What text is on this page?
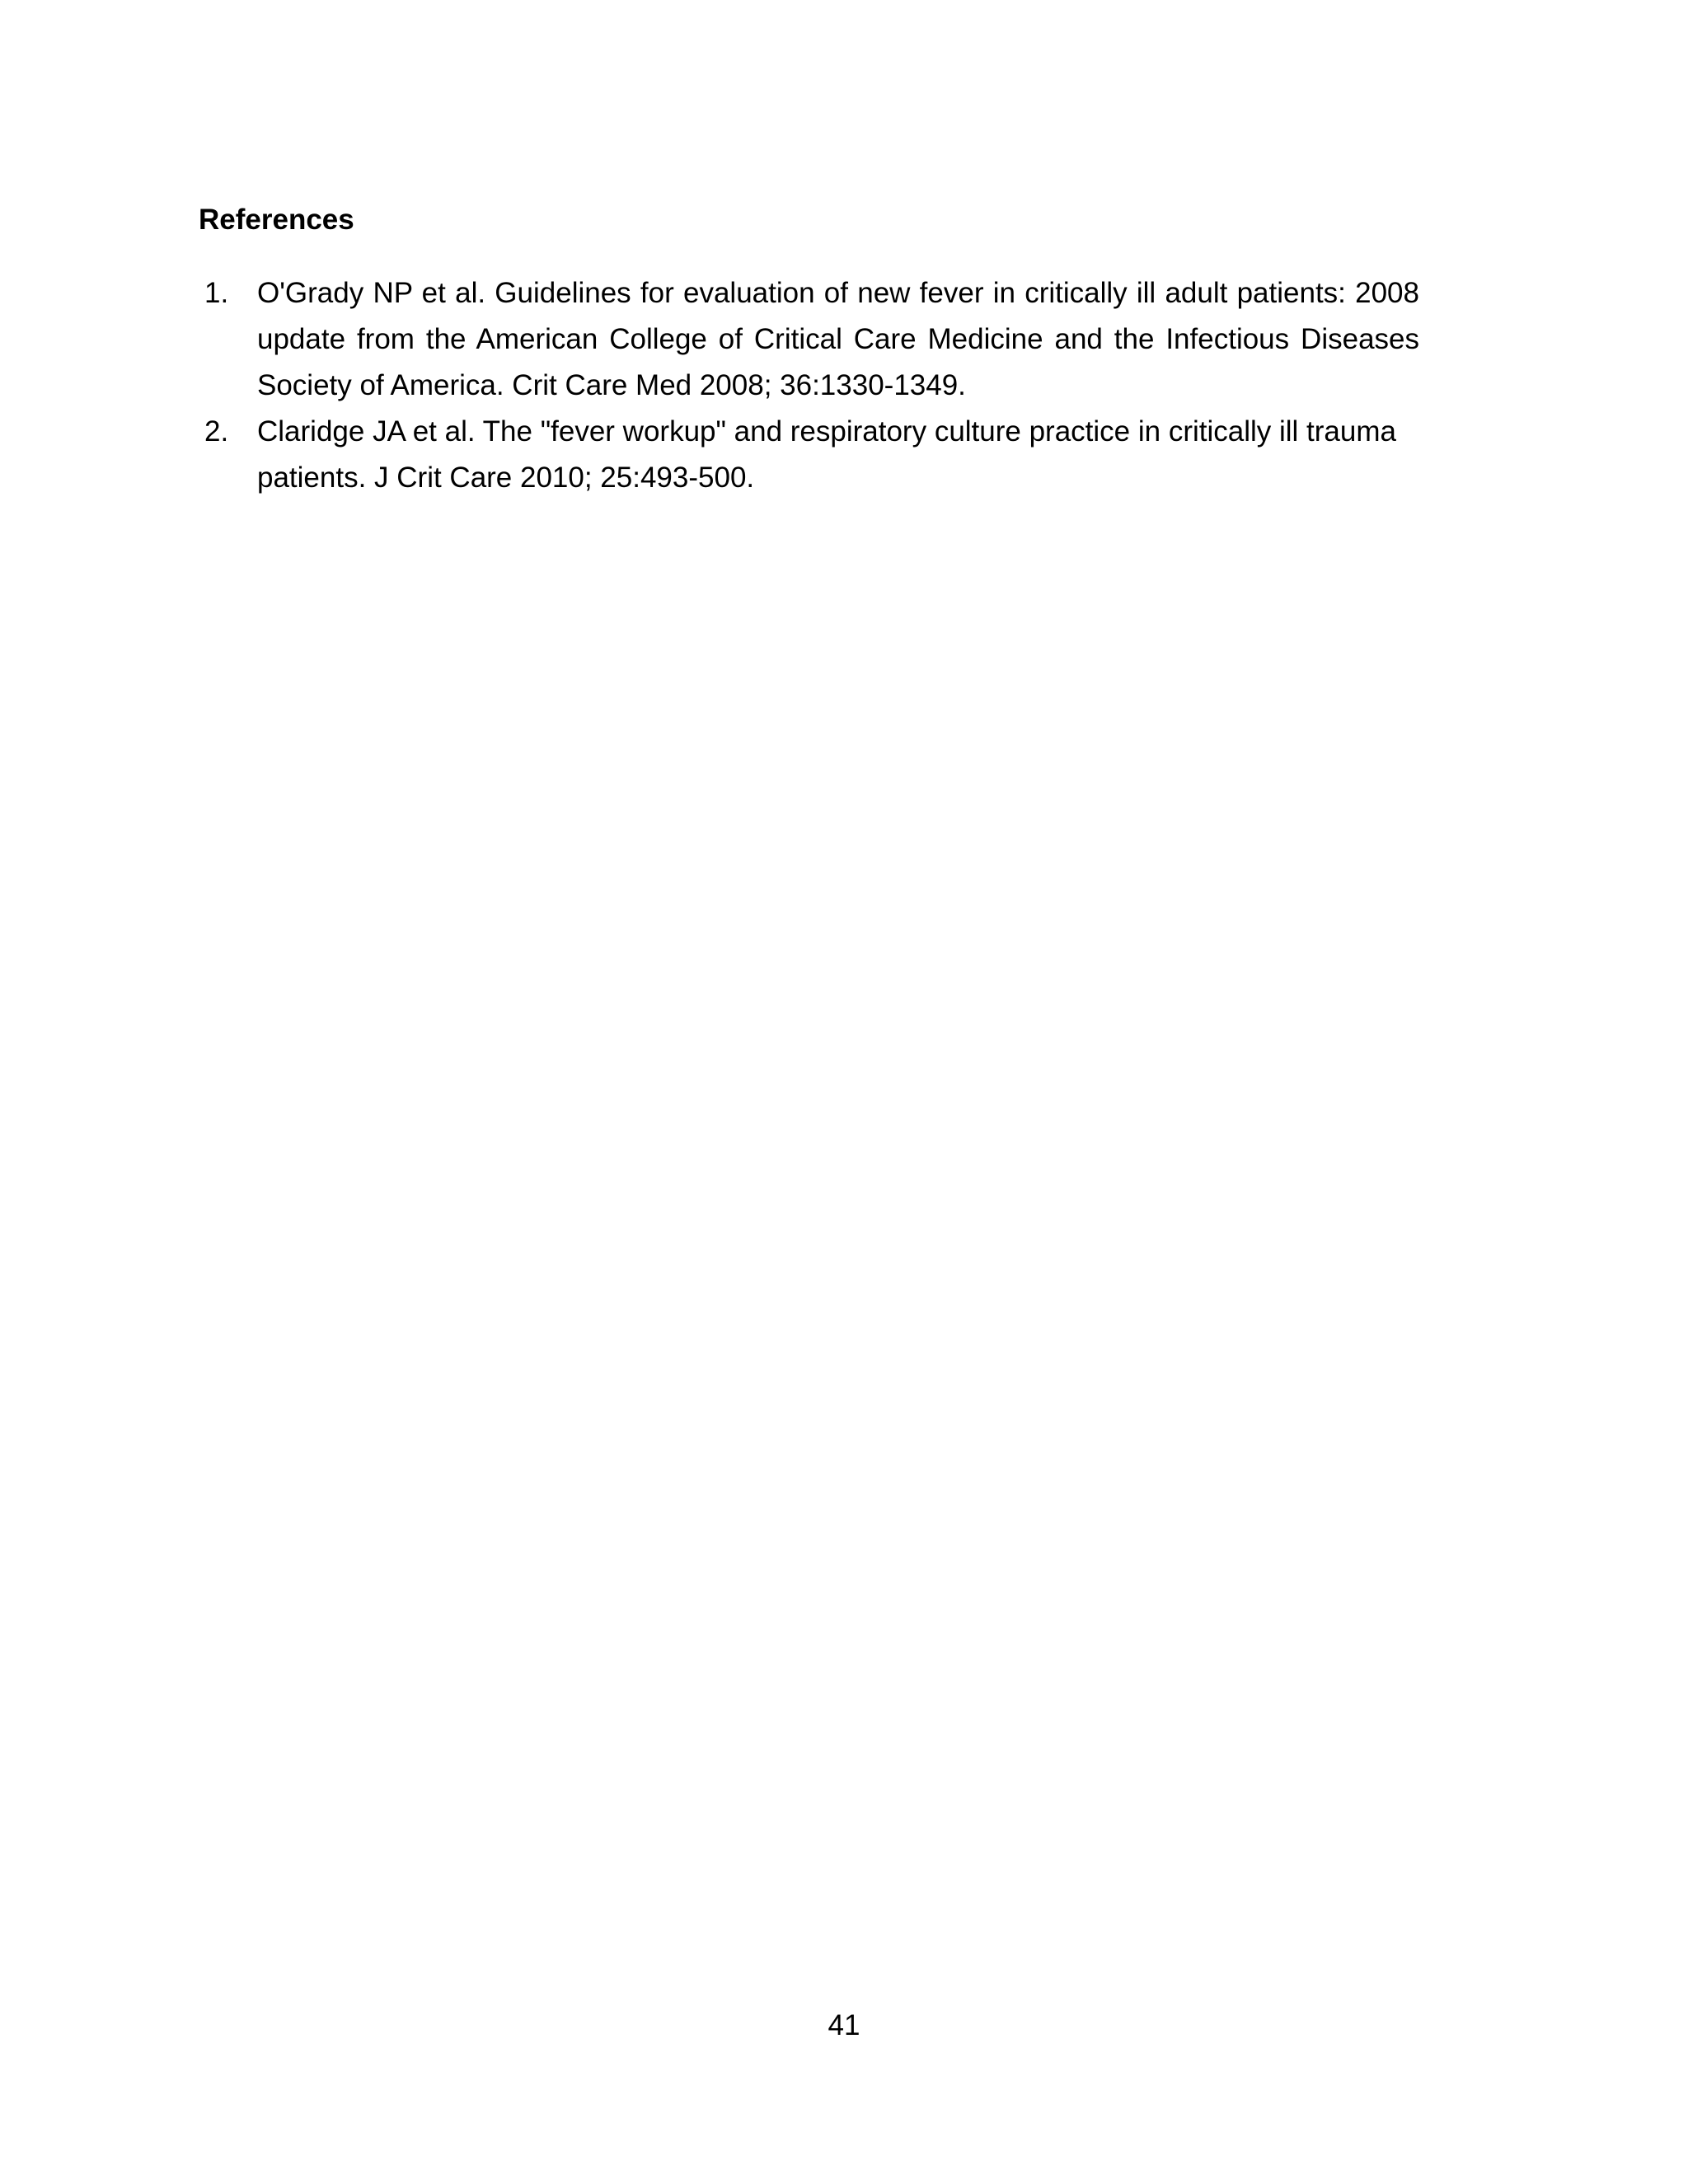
References
1. O'Grady NP et al. Guidelines for evaluation of new fever in critically ill adult patients: 2008 update from the American College of Critical Care Medicine and the Infectious Diseases Society of America. Crit Care Med 2008; 36:1330-1349.
2. Claridge JA et al. The "fever workup" and respiratory culture practice in critically ill trauma patients. J Crit Care 2010; 25:493-500.
41
